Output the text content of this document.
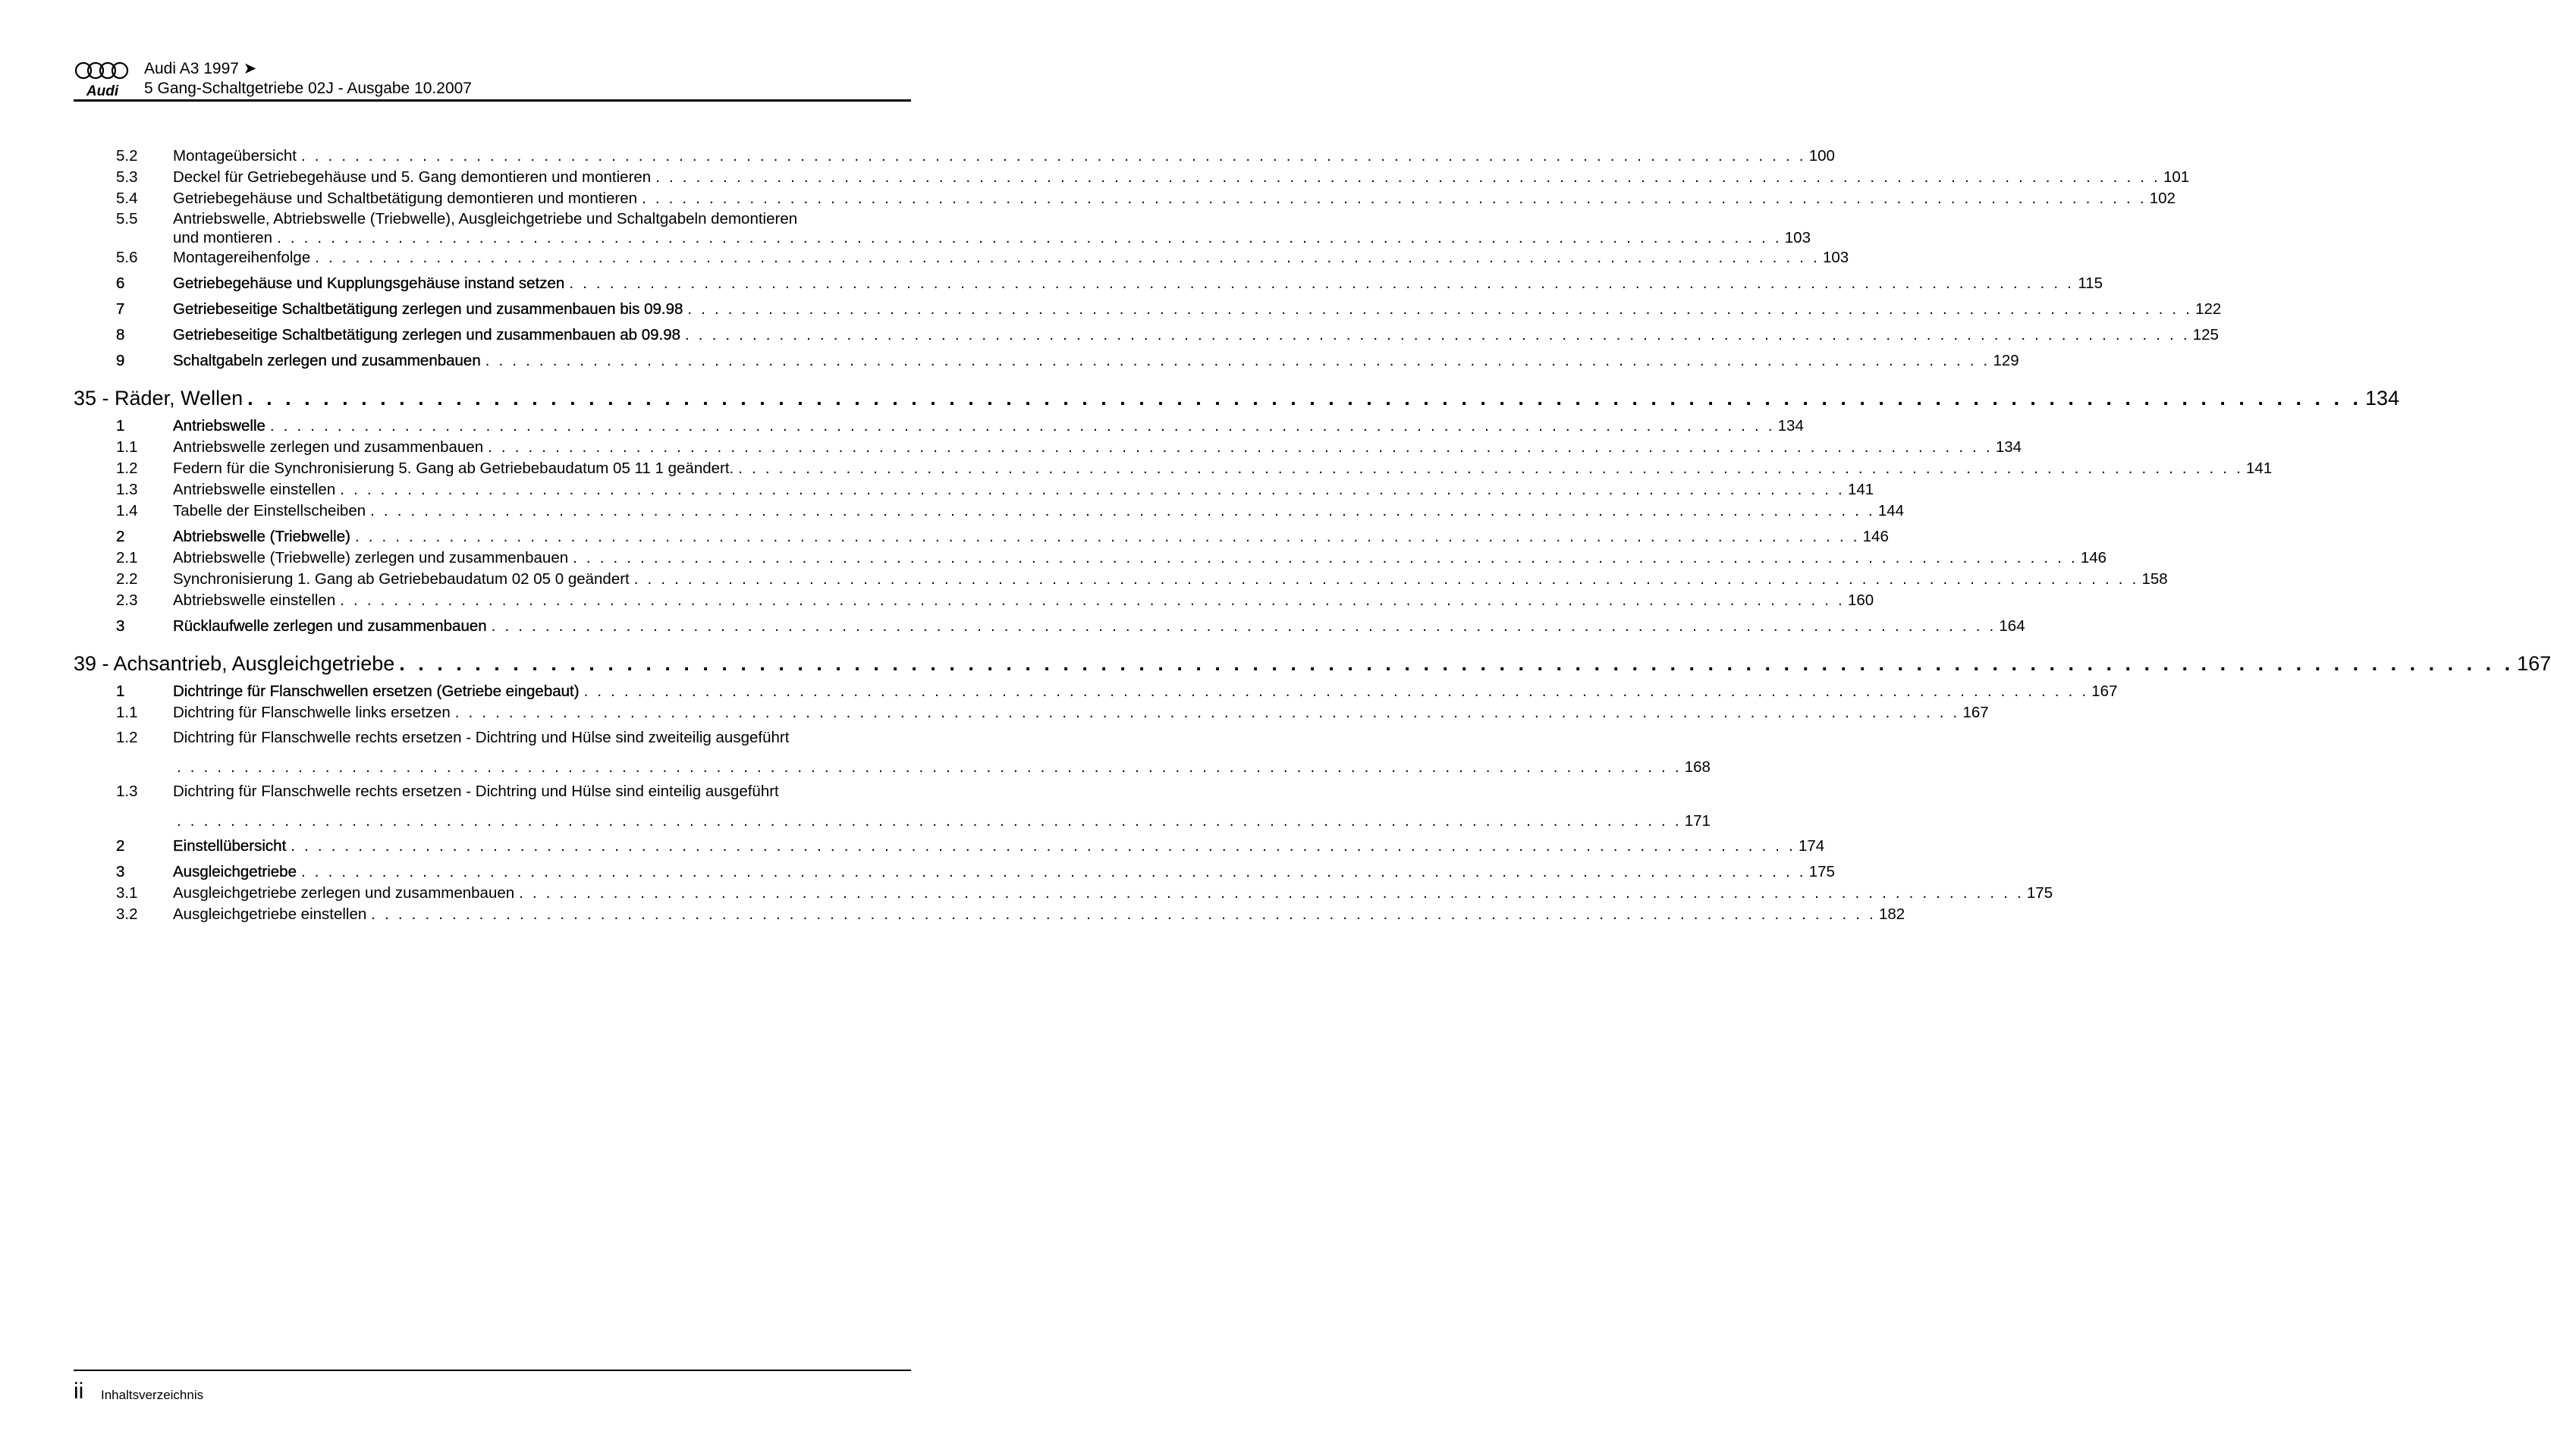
Audi
Audi A3 1997 ➤
5 Gang-Schaltgetriebe 02J - Ausgabe 10.2007
5.2 Montageübersicht . . . . . . . . . . . . . . . . . . . . . . . . . . . . . . . . . . . . . . . . . . . . . . . . . . . . . . . . . . . . . . . . . . . . . . . . . . . . . . . . . . . . . . . . . . . . . . . . . . . . . . . . . . . . . . . . 100
5.3 Deckel für Getriebegehäuse und 5. Gang demontieren und montieren . . . . . . . . . . . . . . . . . . . . . . . . . . . . . . . . . . . . . . . . . . . . . . . . . . . . . . . . . . . . . . . . . . . . . . . . . . . . . . . . . . . . . . . . . . . . . . . . . . . . . . . . . . . . . . . . 101
5.4 Getriebegehäuse und Schaltbetätigung demontieren und montieren . . . . . . . . . . . . . . . . . . . . . . . . . . . . . . . . . . . . . . . . . . . . . . . . . . . . . . . . . . . . . . . . . . . . . . . . . . . . . . . . . . . . . . . . . . . . . . . . . . . . . . . . . . . . . . . . 102
5.5 Antriebswelle, Abtriebswelle (Triebwelle), Ausgleichgetriebe und Schaltgabeln demontieren
und montieren . . . . . . . . . . . . . . . . . . . . . . . . . . . . . . . . . . . . . . . . . . . . . . . . . . . . . . . . . . . . . . . . . . . . . . . . . . . . . . . . . . . . . . . . . . . . . . . . . . . . . . . . . . . . . . . . 103
5.6 Montagereihenfolge . . . . . . . . . . . . . . . . . . . . . . . . . . . . . . . . . . . . . . . . . . . . . . . . . . . . . . . . . . . . . . . . . . . . . . . . . . . . . . . . . . . . . . . . . . . . . . . . . . . . . . . . . . . . . . . . 103
6	Getriebegehäuse und Kupplungsgehäuse instand setzen . . . . . . . . . . . . . . . . . . . . . . . . . . . . . . . . . . . . . . . . . . . . . . . . . . . . . . . . . . . . . . . . . . . . . . . . . . . . . . . . . . . . . . . . . . . . . . . . . . . . . . . . . . . . . . . . 115
7	Getriebeseitige Schaltbetätigung zerlegen und zusammenbauen bis 09.98 . . . . . . . . . . . . . . . . . . . . . . . . . . . . . . . . . . . . . . . . . . . . . . . . . . . . . . . . . . . . . . . . . . . . . . . . . . . . . . . . . . . . . . . . . . . . . . . . . . . . . . . . . . . . . . . . 122
8	Getriebeseitige Schaltbetätigung zerlegen und zusammenbauen ab 09.98 . . . . . . . . . . . . . . . . . . . . . . . . . . . . . . . . . . . . . . . . . . . . . . . . . . . . . . . . . . . . . . . . . . . . . . . . . . . . . . . . . . . . . . . . . . . . . . . . . . . . . . . . . . . . . . . . 125
9	Schaltgabeln zerlegen und zusammenbauen . . . . . . . . . . . . . . . . . . . . . . . . . . . . . . . . . . . . . . . . . . . . . . . . . . . . . . . . . . . . . . . . . . . . . . . . . . . . . . . . . . . . . . . . . . . . . . . . . . . . . . . . . . . . . . . . 129
35 - Räder, Wellen . . . . . . . . . . . . . . . . . . . . . . . . . . . . . . . . . . . . . . . . . . . . . . . . . . . . . . . . . . . . . . . . . . . . . . . . . . . . . . . . . . . . . . . . . . . . . . . . . . . . . . . . . . . . . . . . 134
1	Antriebswelle . . . . . . . . . . . . . . . . . . . . . . . . . . . . . . . . . . . . . . . . . . . . . . . . . . . . . . . . . . . . . . . . . . . . . . . . . . . . . . . . . . . . . . . . . . . . . . . . . . . . . . . . . . . . . . . . 134
1.1 Antriebswelle zerlegen und zusammenbauen . . . . . . . . . . . . . . . . . . . . . . . . . . . . . . . . . . . . . . . . . . . . . . . . . . . . . . . . . . . . . . . . . . . . . . . . . . . . . . . . . . . . . . . . . . . . . . . . . . . . . . . . . . . . . . . . 134
1.2 Federn für die Synchronisierung 5. Gang ab Getriebebaudatum 05 11 1 geändert. . . . . . . . . . . . . . . . . . . . . . . . . . . . . . . . . . . . . . . . . . . . . . . . . . . . . . . . . . . . . . . . . . . . . . . . . . . . . . . . . . . . . . . . . . . . . . . . . . . . . . . . . . . . . . . . . 141
1.3 Antriebswelle einstellen . . . . . . . . . . . . . . . . . . . . . . . . . . . . . . . . . . . . . . . . . . . . . . . . . . . . . . . . . . . . . . . . . . . . . . . . . . . . . . . . . . . . . . . . . . . . . . . . . . . . . . . . . . . . . . . . 141
1.4 Tabelle der Einstellscheiben . . . . . . . . . . . . . . . . . . . . . . . . . . . . . . . . . . . . . . . . . . . . . . . . . . . . . . . . . . . . . . . . . . . . . . . . . . . . . . . . . . . . . . . . . . . . . . . . . . . . . . . . . . . . . . . . 144
2	Abtriebswelle (Triebwelle) . . . . . . . . . . . . . . . . . . . . . . . . . . . . . . . . . . . . . . . . . . . . . . . . . . . . . . . . . . . . . . . . . . . . . . . . . . . . . . . . . . . . . . . . . . . . . . . . . . . . . . . . . . . . . . . . 146
2.1 Abtriebswelle (Triebwelle) zerlegen und zusammenbauen . . . . . . . . . . . . . . . . . . . . . . . . . . . . . . . . . . . . . . . . . . . . . . . . . . . . . . . . . . . . . . . . . . . . . . . . . . . . . . . . . . . . . . . . . . . . . . . . . . . . . . . . . . . . . . . . 146
2.2 Synchronisierung 1. Gang ab Getriebebaudatum 02 05 0 geändert . . . . . . . . . . . . . . . . . . . . . . . . . . . . . . . . . . . . . . . . . . . . . . . . . . . . . . . . . . . . . . . . . . . . . . . . . . . . . . . . . . . . . . . . . . . . . . . . . . . . . . . . . . . . . . . . 158
2.3 Abtriebswelle einstellen . . . . . . . . . . . . . . . . . . . . . . . . . . . . . . . . . . . . . . . . . . . . . . . . . . . . . . . . . . . . . . . . . . . . . . . . . . . . . . . . . . . . . . . . . . . . . . . . . . . . . . . . . . . . . . . . 160
3	Rücklaufwelle zerlegen und zusammenbauen . . . . . . . . . . . . . . . . . . . . . . . . . . . . . . . . . . . . . . . . . . . . . . . . . . . . . . . . . . . . . . . . . . . . . . . . . . . . . . . . . . . . . . . . . . . . . . . . . . . . . . . . . . . . . . . . 164
39 - Achsantrieb, Ausgleichgetriebe . . . . . . . . . . . . . . . . . . . . . . . . . . . . . . . . . . . . . . . . . . . . . . . . . . . . . . . . . . . . . . . . . . . . . . . . . . . . . . . . . . . . . . . . . . . . . . . . . . . . . . . . . . . . . . . . 167
1	Dichtringe für Flanschwellen ersetzen (Getriebe eingebaut) . . . . . . . . . . . . . . . . . . . . . . . . . . . . . . . . . . . . . . . . . . . . . . . . . . . . . . . . . . . . . . . . . . . . . . . . . . . . . . . . . . . . . . . . . . . . . . . . . . . . . . . . . . . . . . . . 167
1.1 Dichtring für Flanschwelle links ersetzen . . . . . . . . . . . . . . . . . . . . . . . . . . . . . . . . . . . . . . . . . . . . . . . . . . . . . . . . . . . . . . . . . . . . . . . . . . . . . . . . . . . . . . . . . . . . . . . . . . . . . . . . . . . . . . . . 167
1.2 Dichtring für Flanschwelle rechts ersetzen - Dichtring und Hülse sind zweiteilig ausgeführt
. . . . . . . . . . . . . . . . . . . . . . . . . . . . . . . . . . . . . . . . . . . . . . . . . . . . . . . . . . . . . . . . . . . . . . . . . . . . . . . . . . . . . . . . . . . . . . . . . . . . . . . . . . . . . . . . 168
1.3 Dichtring für Flanschwelle rechts ersetzen - Dichtring und Hülse sind einteilig ausgeführt
. . . . . . . . . . . . . . . . . . . . . . . . . . . . . . . . . . . . . . . . . . . . . . . . . . . . . . . . . . . . . . . . . . . . . . . . . . . . . . . . . . . . . . . . . . . . . . . . . . . . . . . . . . . . . . . . 171
2	Einstellübersicht . . . . . . . . . . . . . . . . . . . . . . . . . . . . . . . . . . . . . . . . . . . . . . . . . . . . . . . . . . . . . . . . . . . . . . . . . . . . . . . . . . . . . . . . . . . . . . . . . . . . . . . . . . . . . . . . 174
3	Ausgleichgetriebe . . . . . . . . . . . . . . . . . . . . . . . . . . . . . . . . . . . . . . . . . . . . . . . . . . . . . . . . . . . . . . . . . . . . . . . . . . . . . . . . . . . . . . . . . . . . . . . . . . . . . . . . . . . . . . . . 175
3.1 Ausgleichgetriebe zerlegen und zusammenbauen . . . . . . . . . . . . . . . . . . . . . . . . . . . . . . . . . . . . . . . . . . . . . . . . . . . . . . . . . . . . . . . . . . . . . . . . . . . . . . . . . . . . . . . . . . . . . . . . . . . . . . . . . . . . . . . . 175
3.2 Ausgleichgetriebe einstellen . . . . . . . . . . . . . . . . . . . . . . . . . . . . . . . . . . . . . . . . . . . . . . . . . . . . . . . . . . . . . . . . . . . . . . . . . . . . . . . . . . . . . . . . . . . . . . . . . . . . . . . . . . . . . . . . 182
ii Inhaltsverzeichnis
